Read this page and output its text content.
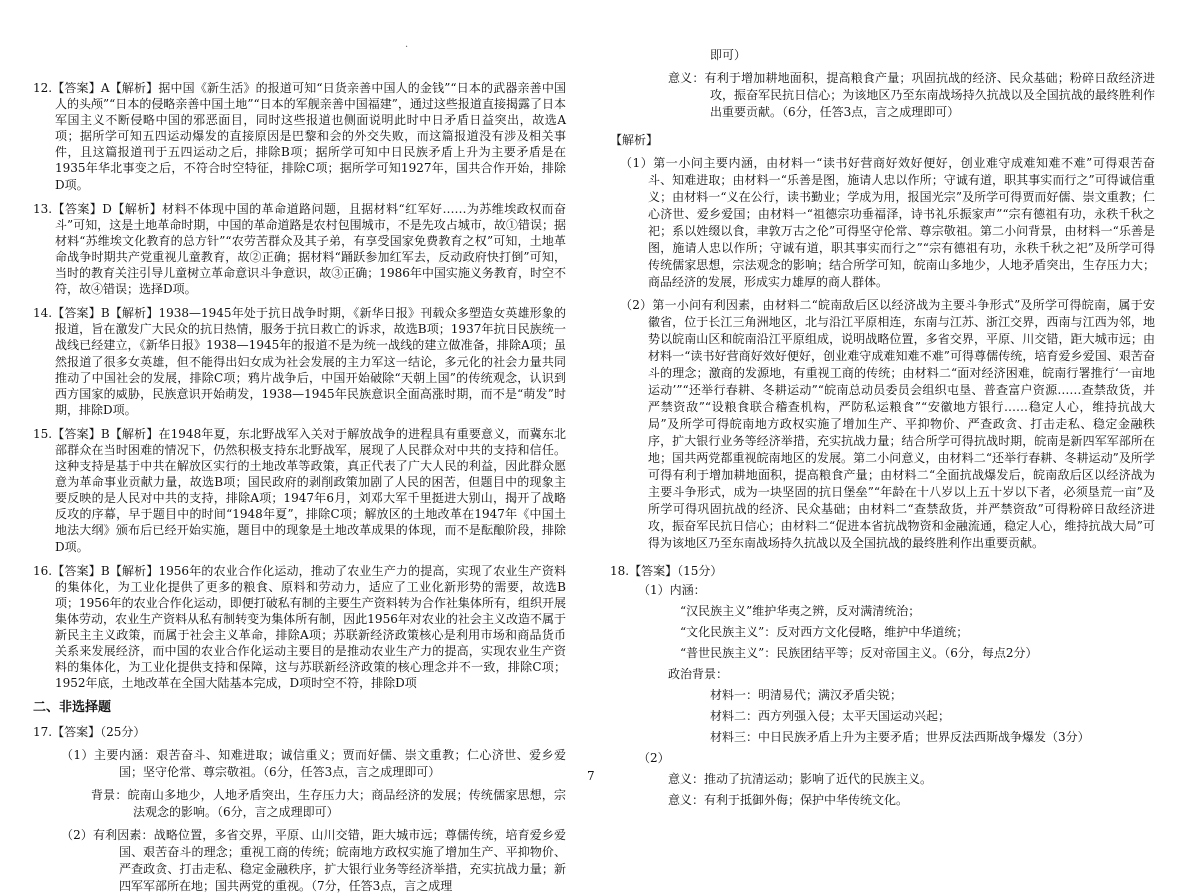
·

12.【答案】A【解析】据中国《新生活》的报道可知“日货亲善中国人的金钱”“日本的武器亲善中国人的头颅”“日本的侵略亲善中国土地”“日本的军舰亲善中国福建”，通过这些报道直接揭露了日本军国主义不断侵略中国的邪恶面目，同时这些报道也侧面说明此时中日矛盾日益突出，故选A项；据所学可知五四运动爆发的直接原因是巴黎和会的外交失败，而这篇报道没有涉及相关事件，且这篇报道刊于五四运动之后，排除B项；据所学可知中日民族矛盾上升为主要矛盾是在1935年华北事变之后，不符合时空特征，排除C项；据所学可知1927年，国共合作开始，排除D项。

13.【答案】D【解析】材料不体现中国的革命道路问题，且据材料“红军好……为苏维埃政权而奋斗”可知，这是土地革命时期，中国的革命道路是农村包围城市，不是先攻占城市，故①错误；据材料“苏维埃文化教育的总方针”“农劳苦群众及其子弟，有享受国家免费教育之权”可知，土地革命战争时期共产党重视儿童教育，故②正确；据材料“踊跃参加红军去，反动政府快打倒”可知，当时的教育关注引导儿童树立革命意识斗争意识，故③正确；1986年中国实施义务教育，时空不符，故④错误；选择D项。

14.【答案】B【解析】1938—1945年处于抗日战争时期，《新华日报》刊载众多塑造女英雄形象的报道，旨在激发广大民众的抗日热情，服务于抗日救亡的诉求，故选B项；1937年抗日民族统一战线已经建立，《新华日报》1938—1945年的报道不是为统一战线的建立做准备，排除A项；虽然报道了很多女英雄，但不能得出妇女成为社会发展的主力军这一结论，多元化的社会力量共同推动了中国社会的发展，排除C项；鸦片战争后，中国开始破除“天朝上国”的传统观念，认识到西方国家的威胁，民族意识开始萌发，1938—1945年民族意识全面高涨时期，而不是“萌发”时期，排除D项。

15.【答案】B【解析】在1948年夏，东北野战军入关对于解放战争的进程具有重要意义，而冀东北部群众在当时困难的情况下，仍然积极支持东北野战军，展现了人民群众对中共的支持和信任。这种支持是基于中共在解放区实行的土地改革等政策，真正代表了广大人民的利益，因此群众愿意为革命事业贡献力量，故选B项；国民政府的剥削政策加剧了人民的困苦，但题目中的现象主要反映的是人民对中共的支持，排除A项；1947年6月，刘邓大军千里挺进大别山，揭开了战略反攻的序幕，早于题目中的时间“1948年夏”，排除C项；解放区的土地改革在1947年《中国土地法大纲》颁布后已经开始实施，题目中的现象是土地改革成果的体现，而不是酝酿阶段，排除D项。

16.【答案】B【解析】1956年的农业合作化运动，推动了农业生产力的提高，实现了农业生产资料的集体化，为工业化提供了更多的粮食、原料和劳动力，适应了工业化新形势的需要，故选B项；1956年的农业合作化运动，即便打破私有制的主要生产资料转为合作社集体所有，组织开展集体劳动，农业生产资料从私有制转变为集体所有制，因此1956年对农业的社会主义改造不属于新民主主义政策，而属于社会主义革命，排除A项；苏联新经济政策核心是利用市场和商品货币关系来发展经济，而中国的农业合作化运动主要目的是推动农业生产力的提高，实现农业生产资料的集体化，为工业化提供支持和保障，这与苏联新经济政策的核心理念并不一致，排除C项；1952年底，土地改革在全国大陆基本完成，D项时空不符，排除D项

二、非选择题

17.【答案】（25分）

（1）主要内涵：艰苦奋斗、知难进取；诚信重义；贾而好儒、崇文重教；仁心济世、爱乡爱国；坚守伦常、尊宗敬祖。（6分，任答3点，言之成理即可）

背景：皖南山多地少，人地矛盾突出，生存压力大；商品经济的发展；传统儒家思想，宗法观念的影响。（6分，言之成理即可）

（2）有利因素：战略位置，多省交界，平原、山川交错，距大城市远；尊儒传统，培育爱乡爱国、艰苦奋斗的理念；重视工商的传统；皖南地方政权实施了增加生产、平抑物价、严查政贪、打击走私、稳定金融秩序，扩大银行业务等经济举措，充实抗战力量；新四军军部所在地；国共两党的重视。（7分，任答3点，言之成理

即可）

意义：有利于增加耕地面积，提高粮食产量；巩固抗战的经济、民众基础；粉碎日敌经济进攻，振奋军民抗日信心；为该地区乃至东南战场持久抗战以及全国抗战的最终胜利作出重要贡献。（6分，任答3点，言之成理即可）

【解析】

（1）第一小问主要内涵，由材料一“读书好营商好效好便好，创业难守成难知难不难”可得艰苦奋斗、知难进取；由材料一“乐善是图，施请人忠以作所；守诚有道，职其事实而行之”可得诚信重义；由材料一“义在公行，读书勤业；学成为用，报国光宗”及所学可得贾而好儒、崇文重教；仁心济世、爱乡爱国；由材料一“祖德宗功垂福泽，诗书礼乐振家声”“宗有德祖有功，永秩千秋之祀；系以姓缀以食，聿敦万古之伦”可得坚守伦常、尊宗敬祖。第二小问背景，由材料一“乐善是图，施请人忠以作所；守诚有道，职其事实而行之”“宗有德祖有功，永秩千秋之祀”及所学可得传统儒家思想，宗法观念的影响；结合所学可知，皖南山多地少，人地矛盾突出，生存压力大；商品经济的发展，形成实力雄厚的商人群体。

（2）第一小问有利因素，由材料二“皖南敌后区以经济战为主要斗争形式”及所学可得皖南，属于安徽省，位于长江三角洲地区，北与沿江平原相连，东南与江苏、浙江交界，西南与江西为邻，地势以皖南山区和皖南沿江平原组成，说明战略位置，多省交界，平原、川交错，距大城市远；由材料一“读书好营商好效好便好，创业难守成难知难不难”可得尊儒传统，培育爱乡爱国、艰苦奋斗的理念；激商的发源地，有重视工商的传统；由材料二“面对经济困难，皖南行署推行‘一亩地运动’”“还举行春耕、冬耕运动”“皖南总动员委员会组织屯垦、普查富户资源……查禁敌货，并严禁资敌”“设粮食联合稽查机构，严防私运粮食”“安徽地方银行……稳定人心，维持抗战大局”及所学可得皖南地方政权实施了增加生产、平抑物价、严查政贪、打击走私、稳定金融秩序，扩大银行业务等经济举措，充实抗战力量；结合所学可得抗战时期，皖南是新四军军部所在地；国共两党都重视皖南地区的发展。第二小问意义，由材料二“还举行春耕、冬耕运动”及所学可得有利于增加耕地面积，提高粮食产量；由材料二“全面抗战爆发后，皖南敌后区以经济战为主要斗争形式，成为一块坚固的抗日堡垒”“年龄在十八岁以上五十岁以下者，必须垦荒一亩”及所学可得巩固抗战的经济、民众基础；由材料二“查禁敌货，并严禁资敌”可得粉碎日敌经济进攻，振奋军民抗日信心；由材料二“促进本省抗战物资和金融流通，稳定人心，维持抗战大局”可得为该地区乃至东南战场持久抗战以及全国抗战的最终胜利作出重要贡献。

18.【答案】（15分）

（1）内涵：

“汉民族主义”维护华夷之辨，反对满清统治；

“文化民族主义”：反对西方文化侵略，维护中华道统；

“普世民族主义”：民族团结平等；反对帝国主义。（6分，每点2分）

政治背景：

材料一：明清易代；满汉矛盾尖锐；

材料二：西方列强入侵；太平天国运动兴起；

材料三：中日民族矛盾上升为主要矛盾；世界反法西斯战争爆发（3分）

（2）

意义：推动了抗清运动；影响了近代的民族主义。

意义：有利于抵御外侮；保护中华传统文化。

7
